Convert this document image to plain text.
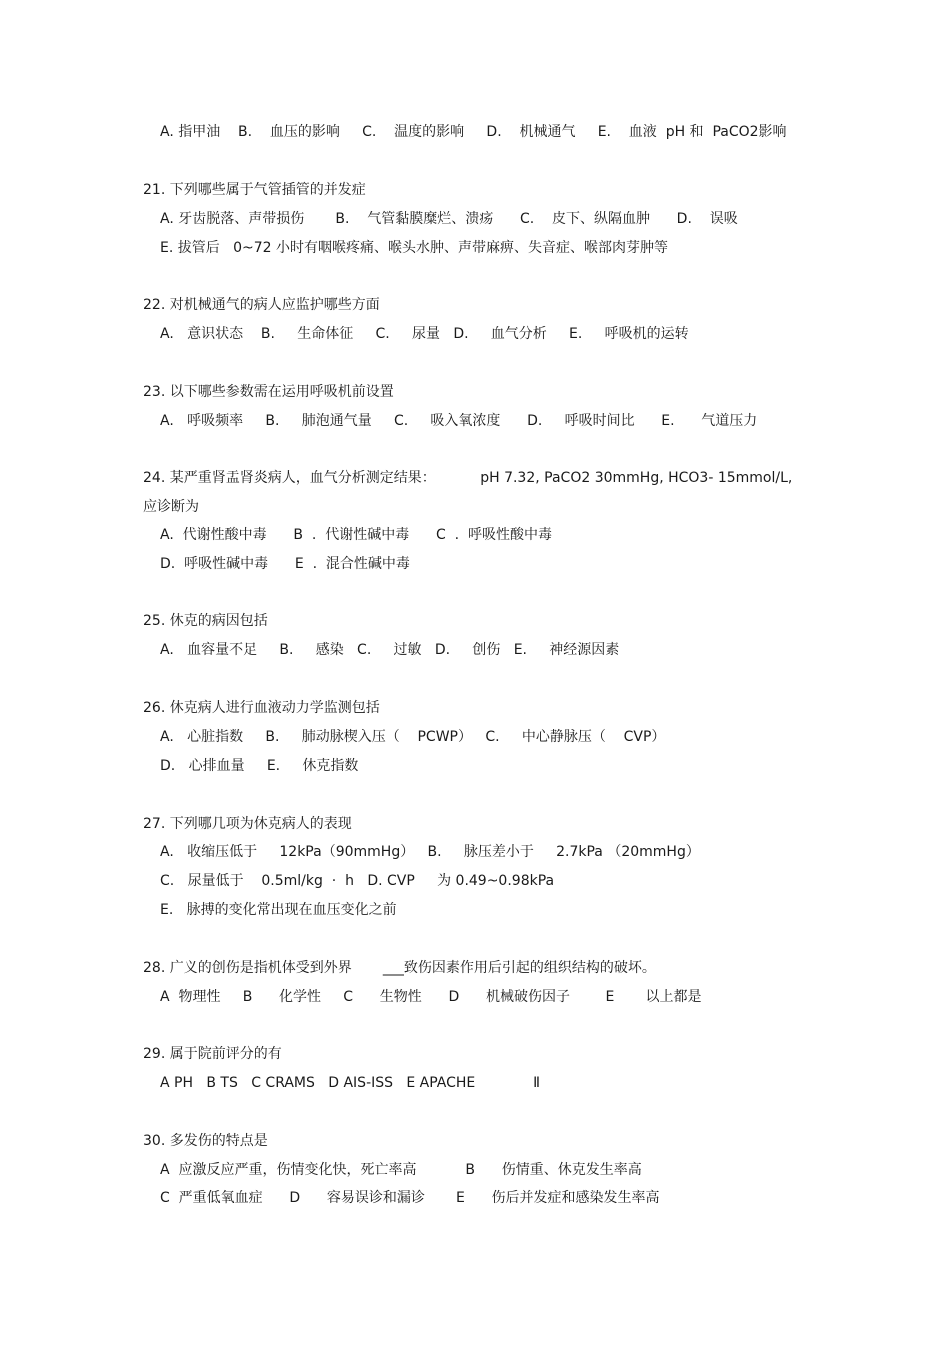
A. 指甲油    B.    血压的影响     C.    温度的影响     D.    机械通气     E.    血液  pH 和  PaCO2影响
21. 下列哪些属于气管插管的并发症
A. 牙齿脱落、声带损伤       B.    气管黏膜糜烂、溃疡      C.    皮下、纵隔血肿      D.    误吸
E. 拔管后   0~72 小时有咽喉疼痛、喉头水肿、声带麻痹、失音症、喉部肉芽肿等
22. 对机械通气的病人应监护哪些方面
A.   意识状态    B.     生命体征     C.     尿量   D.     血气分析     E.     呼吸机的运转
23. 以下哪些参数需在运用呼吸机前设置
A.   呼吸频率     B.     肺泡通气量     C.     吸入氧浓度      D.     呼吸时间比      E.      气道压力
24. 某严重肾盂肾炎病人，血气分析测定结果：          pH 7.32, PaCO2 30mmHg, HCO3- 15mmol/L,
应诊断为
A.  代谢性酸中毒      B  .  代谢性碱中毒      C  .  呼吸性酸中毒
D.  呼吸性碱中毒      E  .  混合性碱中毒
25. 休克的病因包括
A.   血容量不足     B.     感染   C.     过敏   D.     创伤   E.     神经源因素
26. 休克病人进行血液动力学监测包括
A.   心脏指数     B.     肺动脉楔入压（    PCWP）   C.     中心静脉压（    CVP）
D.   心排血量     E.     休克指数
27. 下列哪几项为休克病人的表现
A.   收缩压低于     12kPa（90mmHg）   B.     脉压差小于     2.7kPa （20mmHg）
C.   尿量低于    0.5ml/kg  ·  h   D. CVP     为 0.49~0.98kPa
E.   脉搏的变化常出现在血压变化之前
28. 广义的创伤是指机体受到外界       ___致伤因素作用后引起的组织结构的破坏。
A  物理性     B      化学性     C      生物性      D      机械破伤因子        E       以上都是
29. 属于院前评分的有
A PH   B TS   C CRAMS   D AIS-ISS   E APACHE             Ⅱ
30. 多发伤的特点是
A  应激反应严重，伤情变化快，死亡率高           B      伤情重、休克发生率高
C  严重低氧血症      D      容易误诊和漏诊       E      伤后并发症和感染发生率高
